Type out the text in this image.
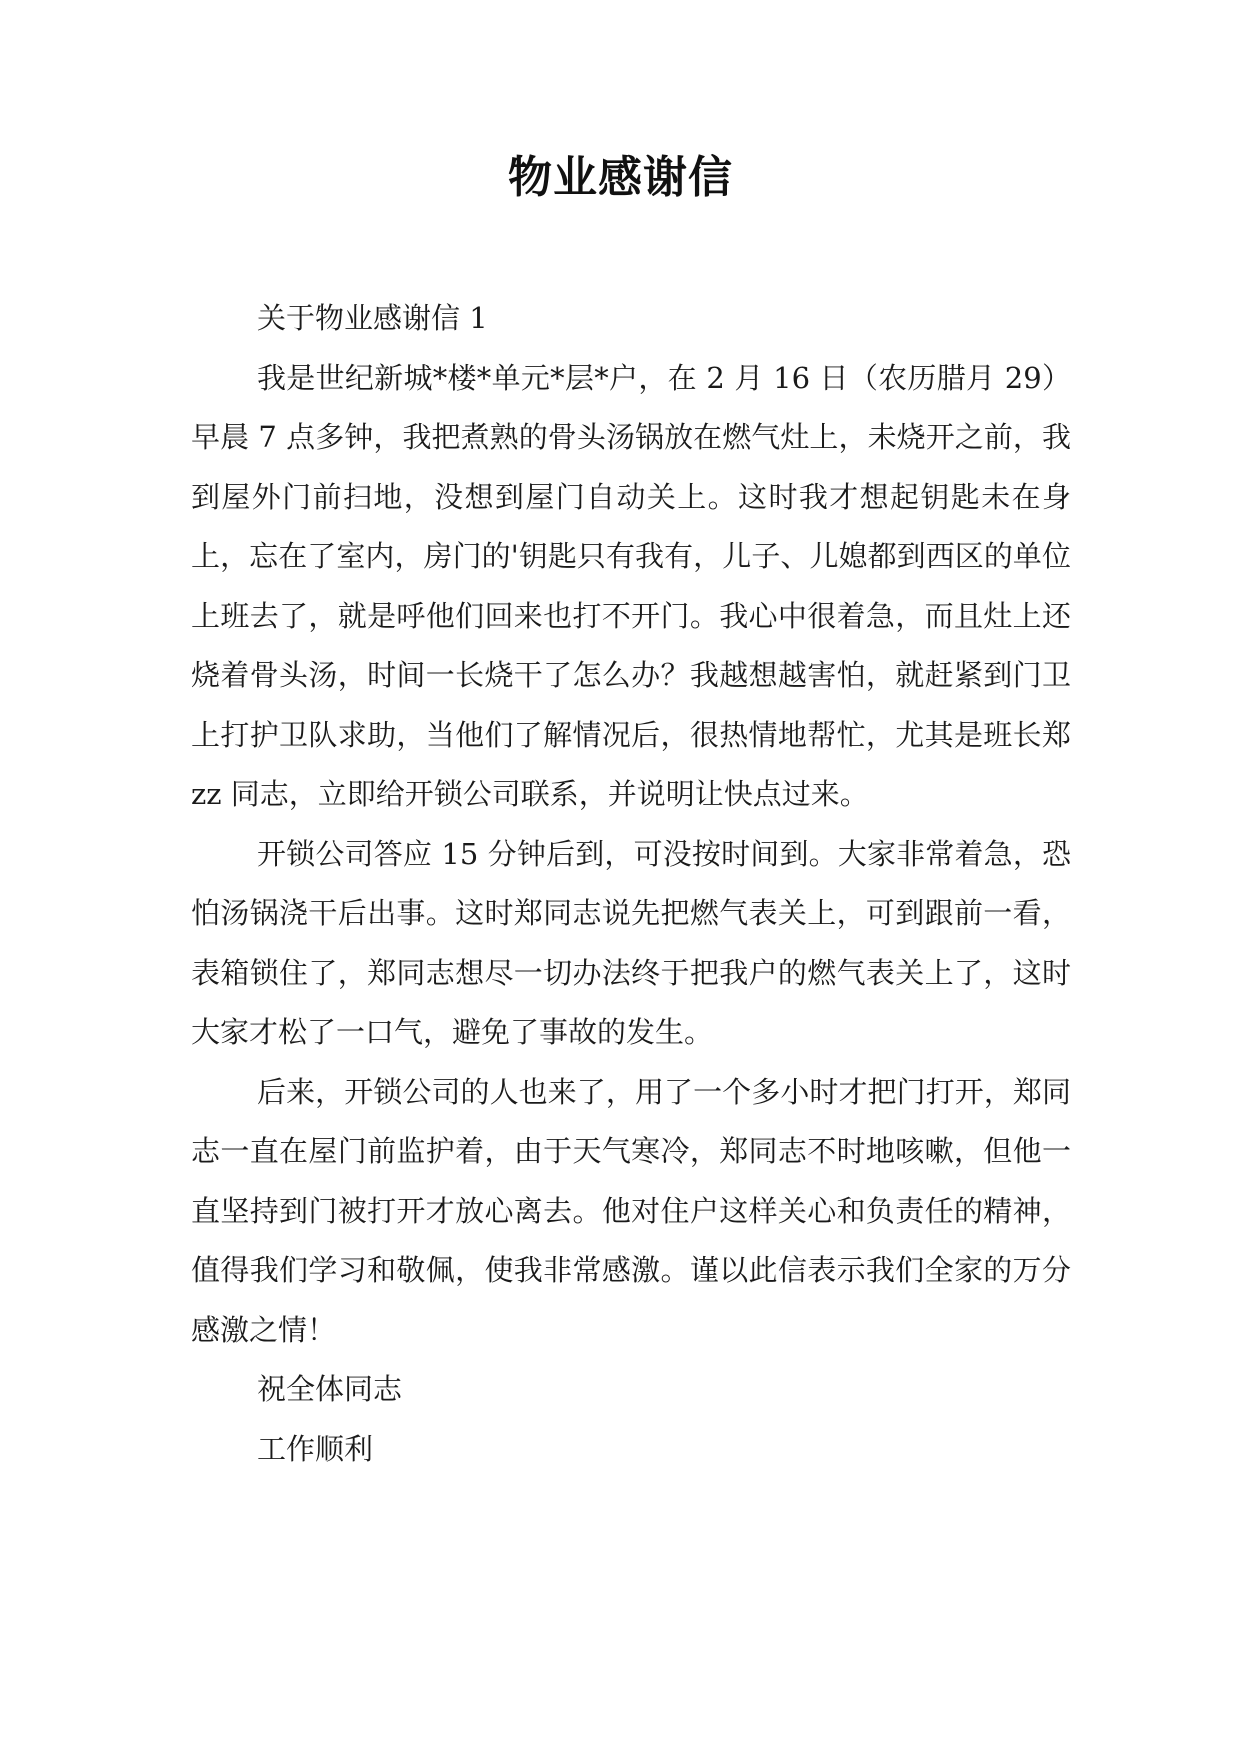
物业感谢信

关于物业感谢信 1

我是世纪新城*楼*单元*层*户，在 2 月 16 日（农历腊月 29）早晨 7 点多钟，我把煮熟的骨头汤锅放在燃气灶上，未烧开之前，我到屋外门前扫地，没想到屋门自动关上。这时我才想起钥匙未在身上，忘在了室内，房门的'钥匙只有我有，儿子、儿媳都到西区的单位上班去了，就是呼他们回来也打不开门。我心中很着急，而且灶上还烧着骨头汤，时间一长烧干了怎么办？我越想越害怕，就赶紧到门卫上打护卫队求助，当他们了解情况后，很热情地帮忙，尤其是班长郑 zz 同志，立即给开锁公司联系，并说明让快点过来。

开锁公司答应 15 分钟后到，可没按时间到。大家非常着急，恐怕汤锅浇干后出事。这时郑同志说先把燃气表关上，可到跟前一看，表箱锁住了，郑同志想尽一切办法终于把我户的燃气表关上了，这时大家才松了一口气，避免了事故的发生。

后来，开锁公司的人也来了，用了一个多小时才把门打开，郑同志一直在屋门前监护着，由于天气寒冷，郑同志不时地咳嗽，但他一直坚持到门被打开才放心离去。他对住户这样关心和负责任的精神，值得我们学习和敬佩，使我非常感激。谨以此信表示我们全家的万分感激之情！

祝全体同志

工作顺利
